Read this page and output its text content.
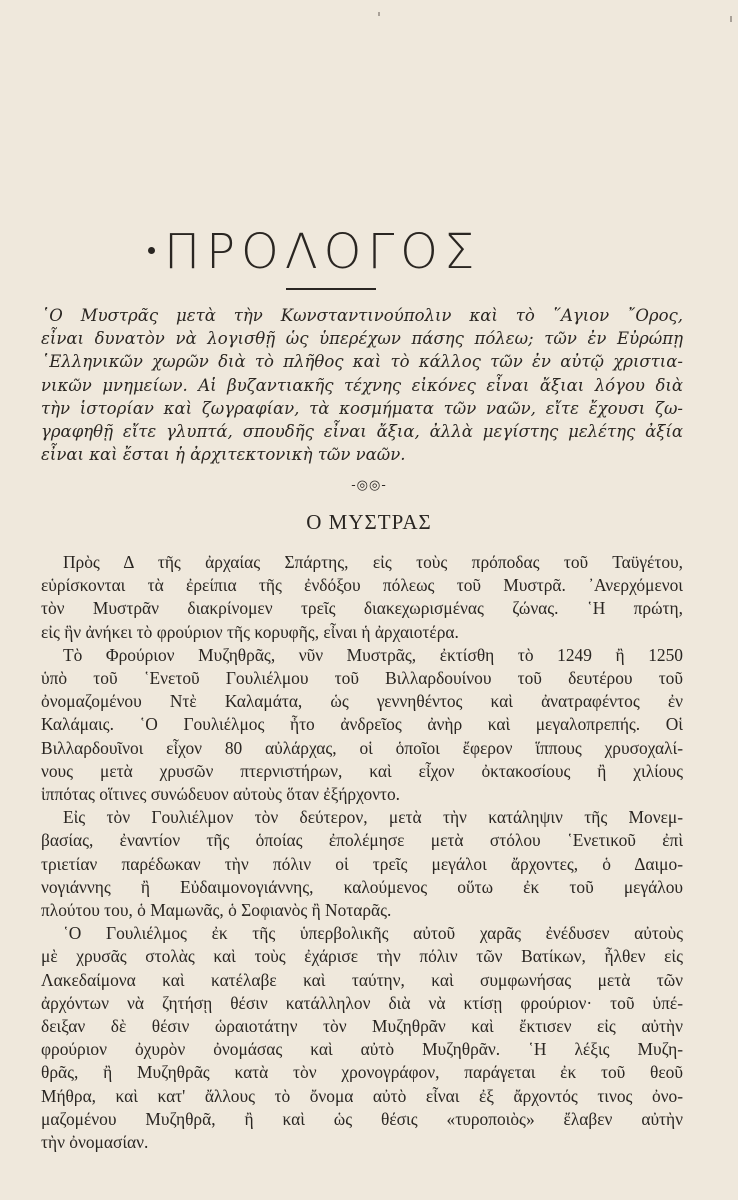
ΠΡΟΛΟΓΟΣ
῾Ο Μυστρᾶς μετὰ τὴν Κωνσταντινούπολιν καὶ τὸ ῞Αγιον ῎Ορος,
εἶναι δυνατὸν νὰ λογισθῇ ὡς ὑπερέχων πάσης πόλεω; τῶν ἐν Εὐρώπῃ
῾Ελληνικῶν χωρῶν διὰ τὸ πλῆθος καὶ τὸ κάλλος τῶν ἐν αὐτῷ χριστια-
νικῶν μνημείων. Αἱ βυζαντιακῆς τέχνης εἰκόνες εἶναι ἄξιαι λόγου διὰ
τὴν ἱστορίαν καὶ ζωγραφίαν, τὰ κοσμήματα τῶν ναῶν, εἴτε ἔχουσι ζω-
γραφηθῇ εἴτε γλυπτά, σπουδῆς εἶναι ἄξια, ἀλλὰ μεγίστης μελέτης ἀξία
εἶναι καὶ ἔσται ἡ ἀρχιτεκτονικὴ τῶν ναῶν.
-◎◎-
Ο ΜΥΣΤΡΑΣ
Πρὸς Δ τῆς ἀρχαίας Σπάρτης, εἰς τοὺς πρόποδας τοῦ Ταϋγέτου,
εὑρίσκονται τὰ ἐρείπια τῆς ἐνδόξου πόλεως τοῦ Μυστρᾶ. ᾿Ανερχόμενοι
τὸν Μυστρᾶν διακρίνομεν τρεῖς διακεχωρισμένας ζώνας. ῾Η πρώτη,
εἰς ἣν ἀνήκει τὸ φρούριον τῆς κορυφῆς, εἶναι ἡ ἀρχαιοτέρα.
Τὸ Φρούριον Μυζηθρᾶς, νῦν Μυστρᾶς, ἐκτίσθη τὸ 1249 ἢ 1250
ὑπὸ τοῦ ῾Ενετοῦ Γουλιέλμου τοῦ Βιλλαρδουίνου τοῦ δευτέρου τοῦ
ὀνομαζομένου Ντὲ Καλαμάτα, ὡς γεννηθέντος καὶ ἀνατραφέντος ἐν
Καλάμαις. ῾Ο Γουλιέλμος ἦτο ἀνδρεῖος ἀνὴρ καὶ μεγαλοπρεπής. Οἱ
Βιλλαρδουῖνοι εἶχον 80 αὐλάρχας, οἱ ὁποῖοι ἔφερον ἵππους χρυσοχαλί-
νους μετὰ χρυσῶν πτερνιστήρων, καὶ εἶχον ὀκτακοσίους ἢ χιλίους
ἱππότας οἵτινες συνώδευον αὐτοὺς ὅταν ἐξήρχοντο.
Εἰς τὸν Γουλιέλμον τὸν δεύτερον, μετὰ τὴν κατάληψιν τῆς Μονεμ-
βασίας, ἐναντίον τῆς ὁποίας ἐπολέμησε μετὰ στόλου ῾Ενετικοῦ ἐπὶ
τριετίαν παρέδωκαν τὴν πόλιν οἱ τρεῖς μεγάλοι ἄρχοντες, ὁ Δαιμο-
νογιάννης ἢ Εὐδαιμονογιάννης, καλούμενος οὕτω ἐκ τοῦ μεγάλου
πλούτου του, ὁ Μαμωνᾶς, ὁ Σοφιανὸς ἢ Νοταρᾶς.
῾Ο Γουλιέλμος ἐκ τῆς ὑπερβολικῆς αὐτοῦ χαρᾶς ἐνέδυσεν αὐτοὺς
μὲ χρυσᾶς στολὰς καὶ τοὺς ἐχάρισε τὴν πόλιν τῶν Βατίκων, ἦλθεν εἰς
Λακεδαίμονα καὶ κατέλαβε καὶ ταύτην, καὶ συμφωνήσας μετὰ τῶν
ἀρχόντων νὰ ζητήσῃ θέσιν κατάλληλον διὰ νὰ κτίσῃ φρούριον· τοῦ ὑπέ-
δειξαν δὲ θέσιν ὡραιοτάτην τὸν Μυζηθρᾶν καὶ ἔκτισεν εἰς αὐτὴν
φρούριον ὀχυρὸν ὀνομάσας καὶ αὐτὸ Μυζηθρᾶν. ῾Η λέξις Μυζη-
θρᾶς, ἢ Μυζηθρᾶς κατὰ τὸν χρονογράφον, παράγεται ἐκ τοῦ θεοῦ
Μήθρα, καὶ κατ' ἄλλους τὸ ὄνομα αὐτὸ εἶναι ἐξ ἄρχοντός τινος ὀνο-
μαζομένου Μυζηθρᾶ, ἢ καὶ ὡς θέσις «τυροποιὸς» ἔλαβεν αὐτὴν
τὴν ὀνομασίαν.
